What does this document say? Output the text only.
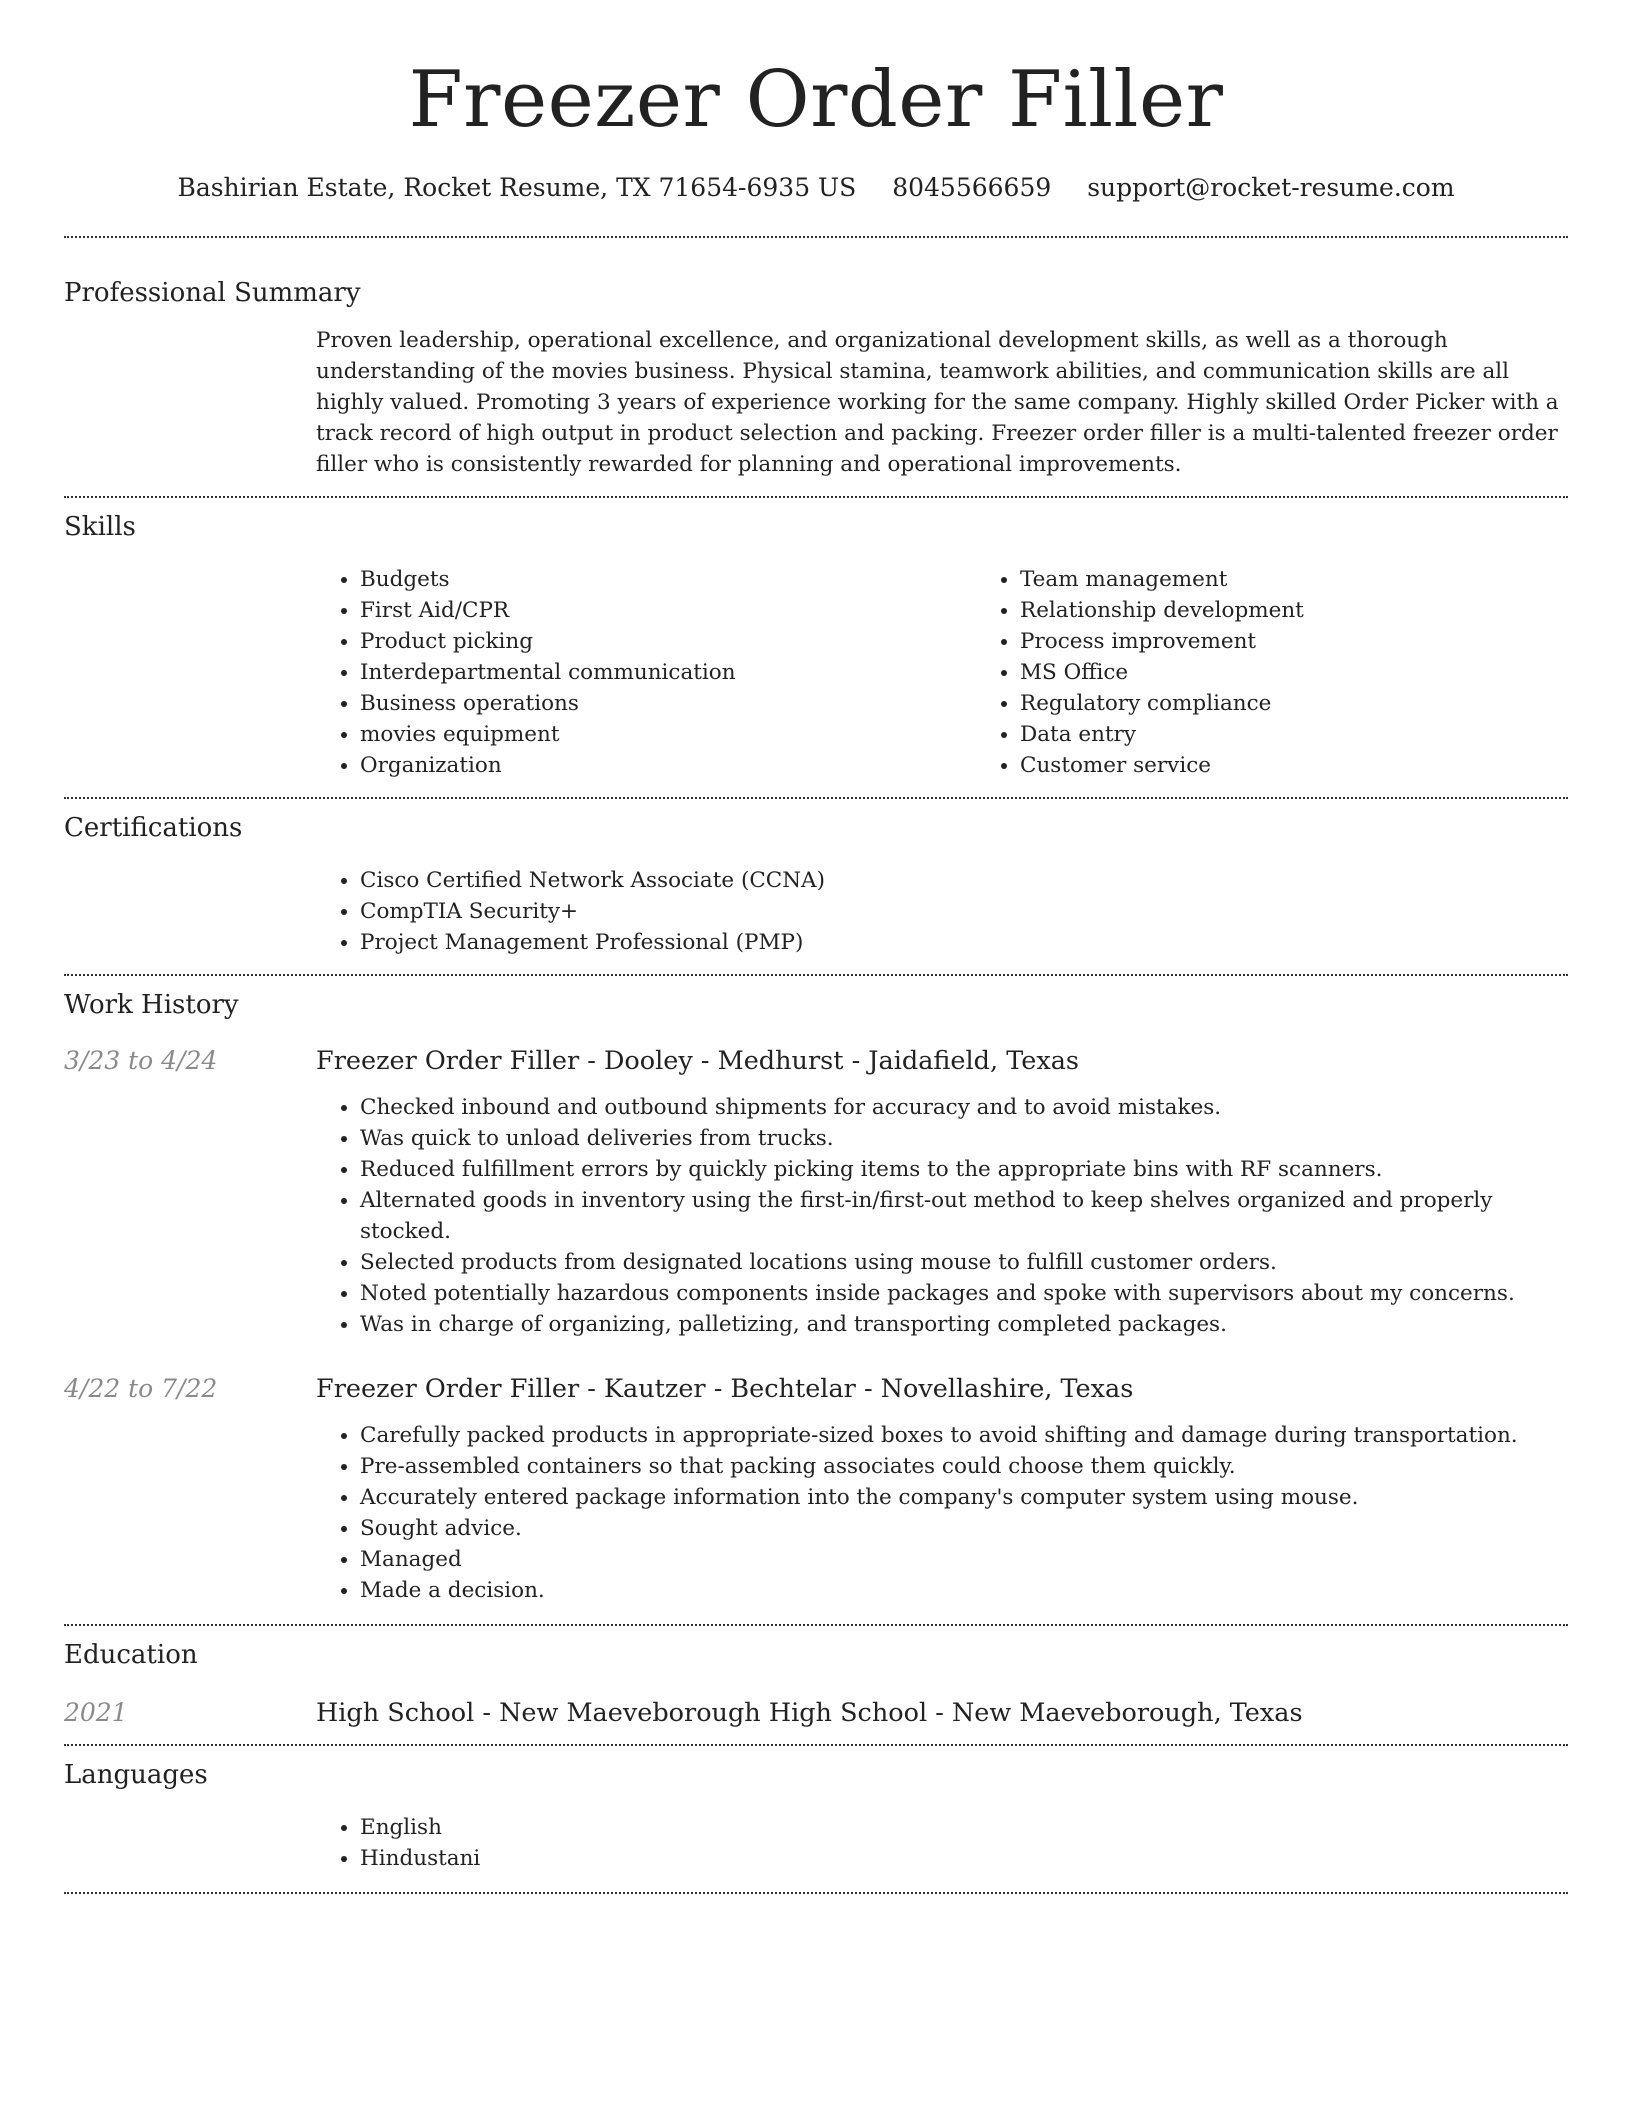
Freezer Order Filler
Bashirian Estate, Rocket Resume, TX 71654-6935 US 8045566659 support@rocket-resume.com
Professional Summary

Proven leadership, operational excellence, and organizational development skills, as well as a thorough understanding of the movies business. Physical stamina, teamwork abilities, and communication skills are all highly valued. Promoting 3 years of experience working for the same company. Highly skilled Order Picker with a track record of high output in product selection and packing. Freezer order filler is a multi-talented freezer order filler who is consistently rewarded for planning and operational improvements.

Skills
• Budgets
• First Aid/CPR
• Product picking
• Interdepartmental communication
• Business operations
• movies equipment
• Organization
• Team management
• Relationship development
• Process improvement
• MS Office
• Regulatory compliance
• Data entry
• Customer service
Certifications
• Cisco Certified Network Associate (CCNA)
• CompTIA Security+
• Project Management Professional (PMP)
Work History
3/23 to 4/24	Freezer Order Filler - Dooley - Medhurst - Jaidafield, Texas
• Checked inbound and outbound shipments for accuracy and to avoid mistakes.
• Was quick to unload deliveries from trucks.
• Reduced fulfillment errors by quickly picking items to the appropriate bins with RF scanners.
• Alternated goods in inventory using the first-in/first-out method to keep shelves organized and properly stocked.
• Selected products from designated locations using mouse to fulfill customer orders.
• Noted potentially hazardous components inside packages and spoke with supervisors about my concerns.
• Was in charge of organizing, palletizing, and transporting completed packages.
4/22 to 7/22	Freezer Order Filler - Kautzer - Bechtelar - Novellashire, Texas
• Carefully packed products in appropriate-sized boxes to avoid shifting and damage during transportation.
• Pre-assembled containers so that packing associates could choose them quickly.
• Accurately entered package information into the company's computer system using mouse.
• Sought advice.
• Managed
• Made a decision.
Education
2021	High School - New Maeveborough High School - New Maeveborough, Texas
Languages
• English
• Hindustani
